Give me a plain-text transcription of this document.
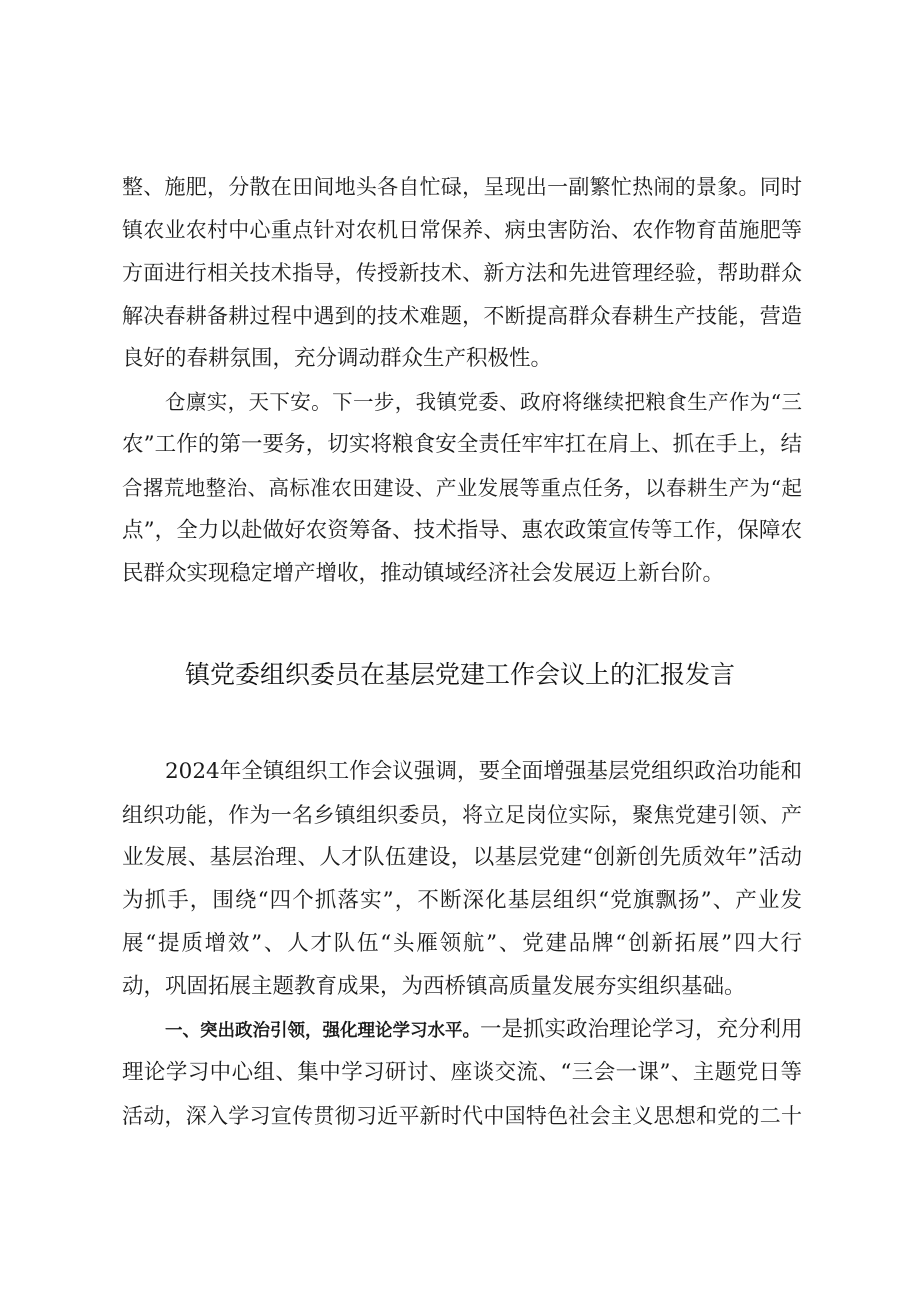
整、施肥，分散在田间地头各自忙碌，呈现出一副繁忙热闹的景象。同时
镇农业农村中心重点针对农机日常保养、病虫害防治、农作物育苗施肥等
方面进行相关技术指导，传授新技术、新方法和先进管理经验，帮助群众
解决春耕备耕过程中遇到的技术难题，不断提高群众春耕生产技能，营造
良好的春耕氛围，充分调动群众生产积极性。
仓廪实，天下安。下一步，我镇党委、政府将继续把粮食生产作为“三
农”工作的第一要务，切实将粮食安全责任牢牢扛在肩上、抓在手上，结
合撂荒地整治、高标准农田建设、产业发展等重点任务，以春耕生产为“起
点”，全力以赴做好农资筹备、技术指导、惠农政策宣传等工作，保障农
民群众实现稳定增产增收，推动镇域经济社会发展迈上新台阶。
镇党委组织委员在基层党建工作会议上的汇报发言
2024年全镇组织工作会议强调，要全面增强基层党组织政治功能和
组织功能，作为一名乡镇组织委员，将立足岗位实际，聚焦党建引领、产
业发展、基层治理、人才队伍建设，以基层党建“创新创先质效年”活动
为抓手，围绕“四个抓落实”，不断深化基层组织“党旗飘扬”、产业发
展“提质增效”、人才队伍“头雁领航”、党建品牌“创新拓展”四大行
动，巩固拓展主题教育成果，为西桥镇高质量发展夯实组织基础。
一、突出政治引领，强化理论学习水平。一是抓实政治理论学习，充分利用
理论学习中心组、集中学习研讨、座谈交流、“三会一课”、主题党日等
活动，深入学习宣传贯彻习近平新时代中国特色社会主义思想和党的二十
